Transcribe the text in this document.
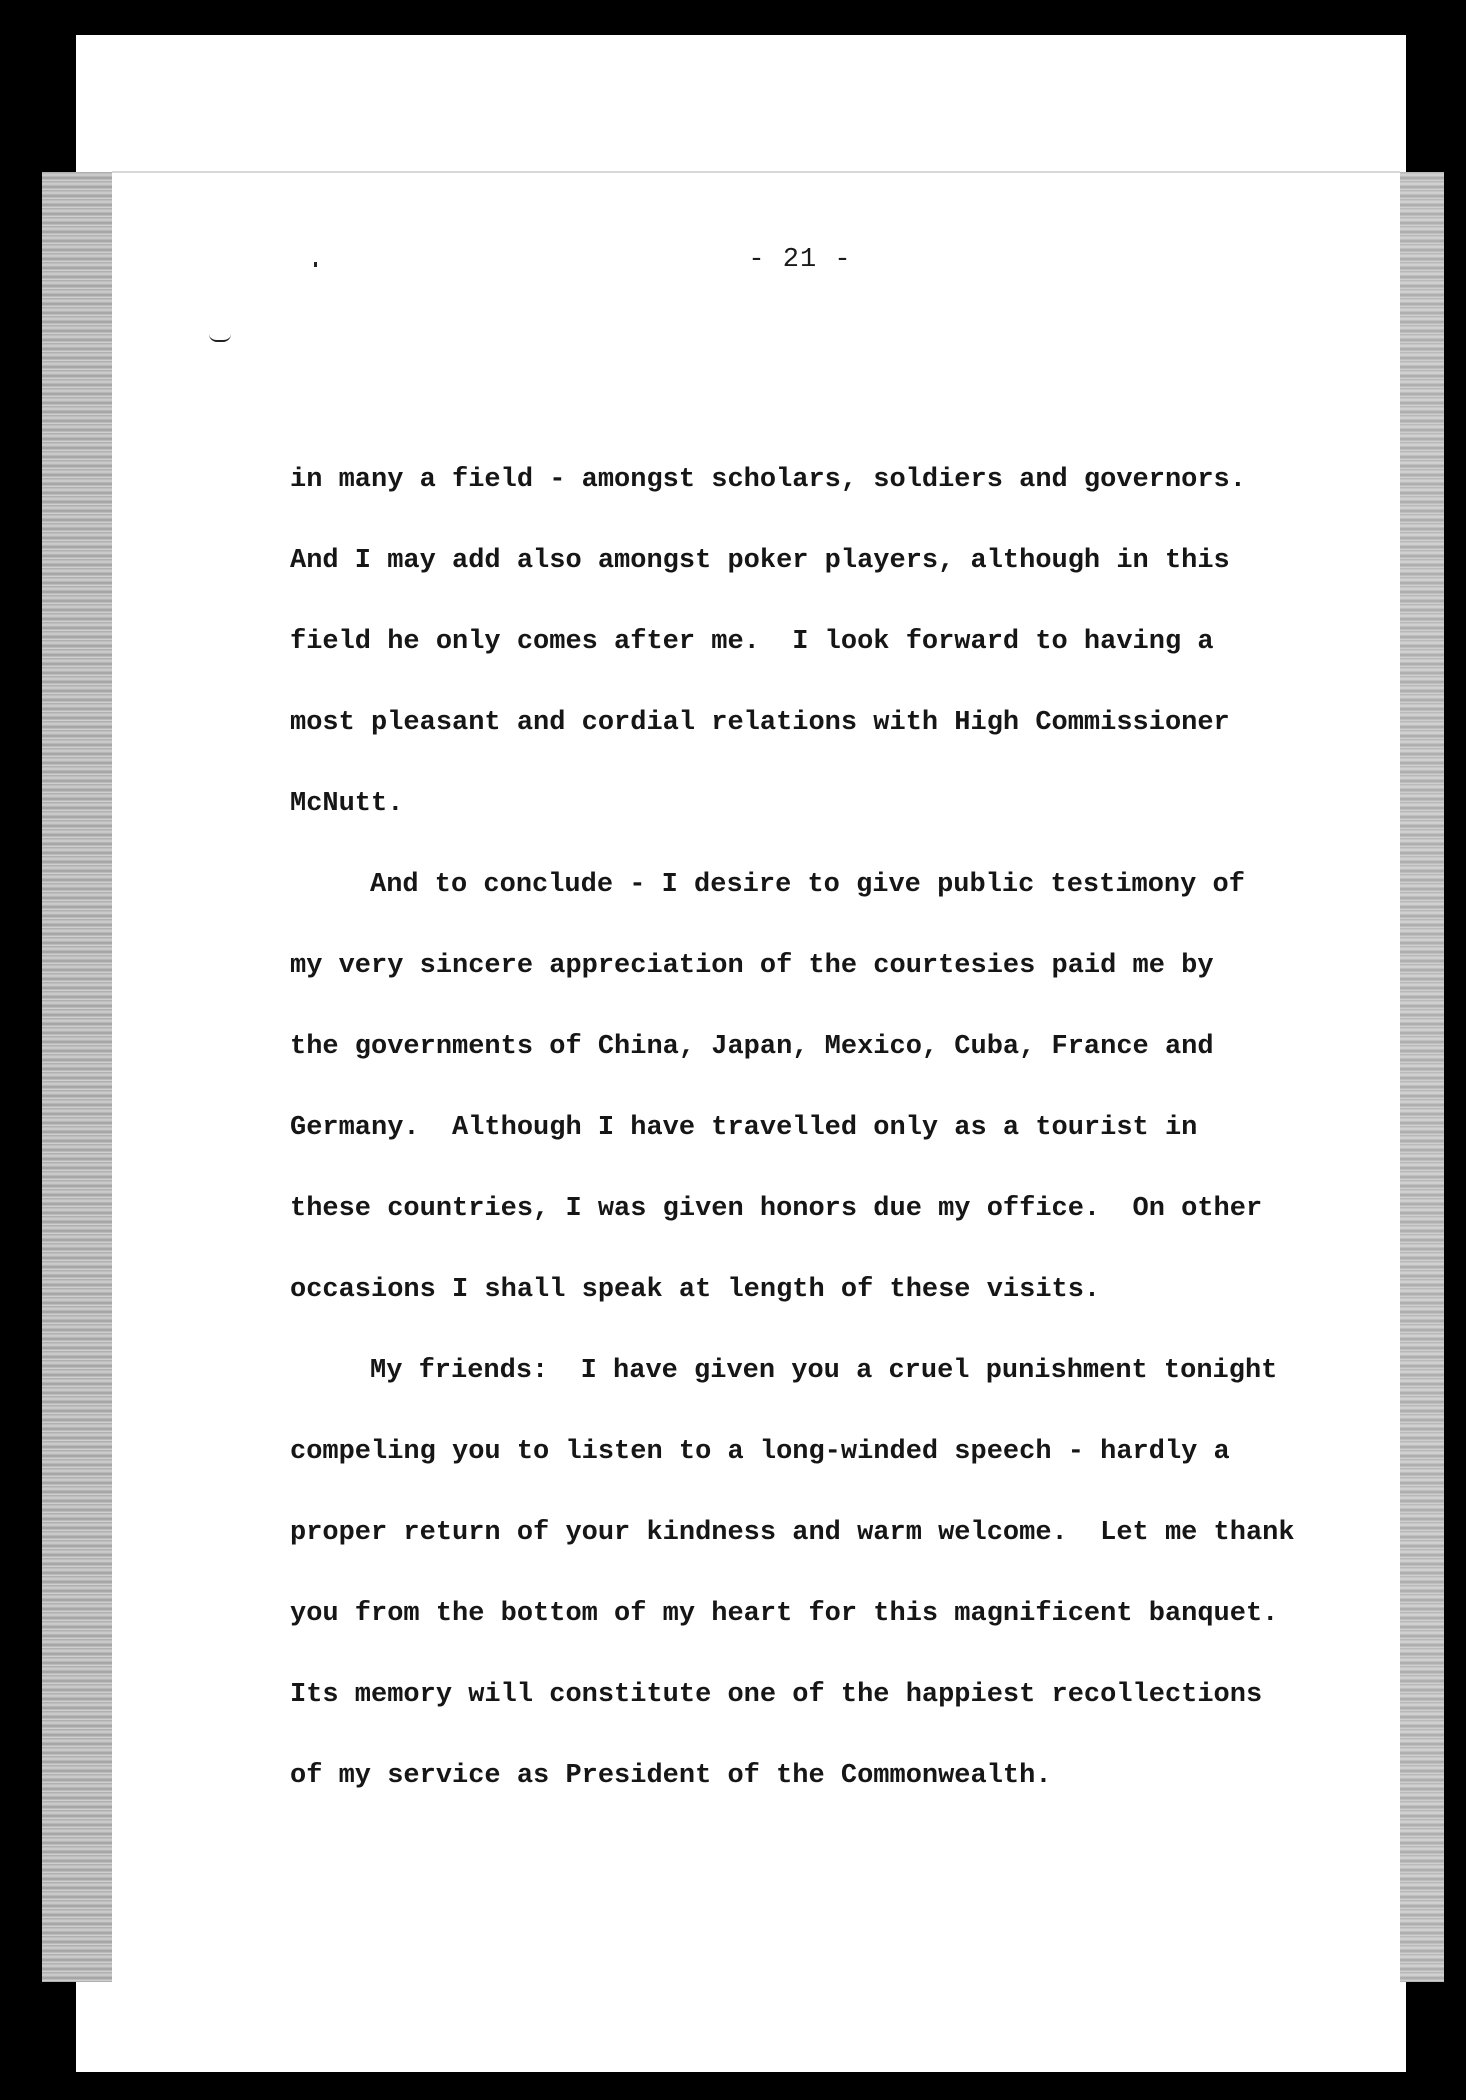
- 21 -
in many a field - amongst scholars, soldiers and governors.
And I may add also amongst poker players, although in this
field he only comes after me.  I look forward to having a
most pleasant and cordial relations with High Commissioner
McNutt.
And to conclude - I desire to give public testimony of
my very sincere appreciation of the courtesies paid me by
the governments of China, Japan, Mexico, Cuba, France and
Germany.  Although I have travelled only as a tourist in
these countries, I was given honors due my office.  On other
occasions I shall speak at length of these visits.
My friends:  I have given you a cruel punishment tonight
compeling you to listen to a long-winded speech - hardly a
proper return of your kindness and warm welcome.  Let me thank
you from the bottom of my heart for this magnificent banquet.
Its memory will constitute one of the happiest recollections
of my service as President of the Commonwealth.
